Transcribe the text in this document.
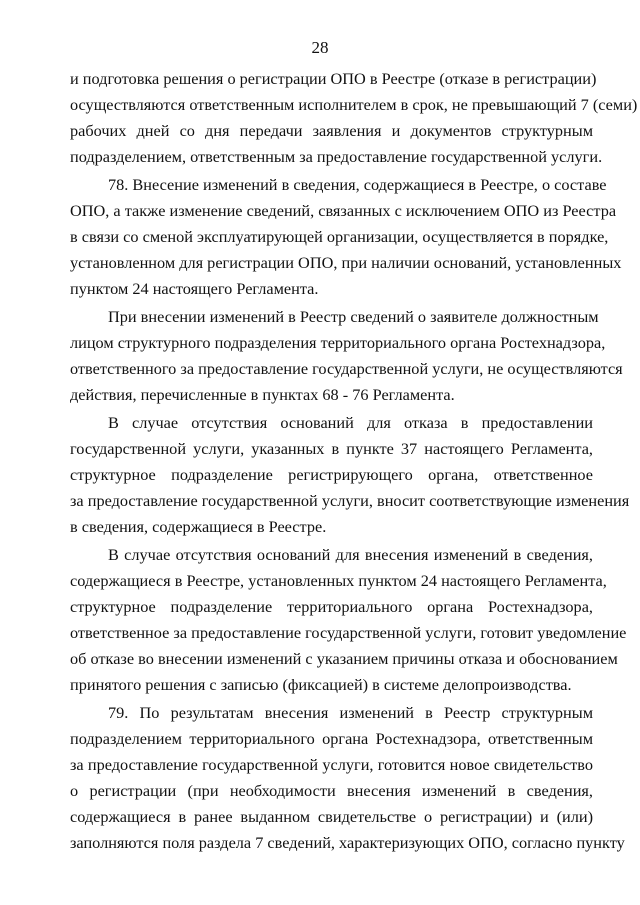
28
и подготовка решения о регистрации ОПО в Реестре (отказе в регистрации)
осуществляются ответственным исполнителем в срок, не превышающий 7 (семи)
рабочих дней со дня передачи заявления и документов структурным
подразделением, ответственным за предоставление государственной услуги.
78. Внесение изменений в сведения, содержащиеся в Реестре, о составе
ОПО, а также изменение сведений, связанных с исключением ОПО из Реестра
в связи со сменой эксплуатирующей организации, осуществляется в порядке,
установленном для регистрации ОПО, при наличии оснований, установленных
пунктом 24 настоящего Регламента.
При внесении изменений в Реестр сведений о заявителе должностным
лицом структурного подразделения территориального органа Ростехнадзора,
ответственного за предоставление государственной услуги, не осуществляются
действия, перечисленные в пунктах 68 - 76 Регламента.
В случае отсутствия оснований для отказа в предоставлении
государственной услуги, указанных в пункте 37 настоящего Регламента,
структурное подразделение регистрирующего органа, ответственное
за предоставление государственной услуги, вносит соответствующие изменения
в сведения, содержащиеся в Реестре.
В случае отсутствия оснований для внесения изменений в сведения,
содержащиеся в Реестре, установленных пунктом 24 настоящего Регламента,
структурное подразделение территориального органа Ростехнадзора,
ответственное за предоставление государственной услуги, готовит уведомление
об отказе во внесении изменений с указанием причины отказа и обоснованием
принятого решения с записью (фиксацией) в системе делопроизводства.
79. По результатам внесения изменений в Реестр структурным
подразделением территориального органа Ростехнадзора, ответственным
за предоставление государственной услуги, готовится новое свидетельство
о регистрации (при необходимости внесения изменений в сведения,
содержащиеся в ранее выданном свидетельстве о регистрации) и (или)
заполняются поля раздела 7 сведений, характеризующих ОПО, согласно пункту
